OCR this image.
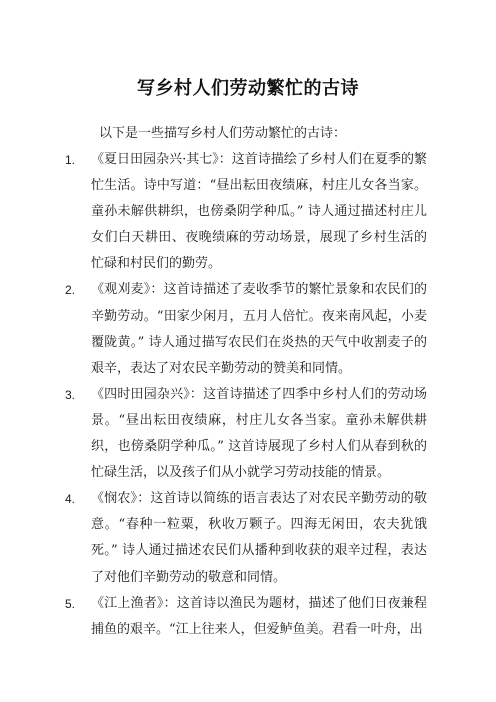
写乡村人们劳动繁忙的古诗
以下是一些描写乡村人们劳动繁忙的古诗：
1. 《夏日田园杂兴·其七》：这首诗描绘了乡村人们在夏季的繁忙生活。诗中写道：“昼出耘田夜绩麻，村庄儿女各当家。童孙未解供耕织，也傍桑阴学种瓜。” 诗人通过描述村庄儿女们白天耕田、夜晚绩麻的劳动场景，展现了乡村生活的忙碌和村民们的勤劳。
2. 《观刈麦》：这首诗描述了麦收季节的繁忙景象和农民们的辛勤劳动。“田家少闲月，五月人倍忙。夜来南风起，小麦覆陇黄。” 诗人通过描写农民们在炎热的天气中收割麦子的艰辛，表达了对农民辛勤劳动的赞美和同情。
3. 《四时田园杂兴》：这首诗描述了四季中乡村人们的劳动场景。“昼出耘田夜绩麻，村庄儿女各当家。童孙未解供耕织，也傍桑阴学种瓜。” 这首诗展现了乡村人们从春到秋的忙碌生活，以及孩子们从小就学习劳动技能的情景。
4. 《悯农》：这首诗以简练的语言表达了对农民辛勤劳动的敬意。“春种一粒粟，秋收万颗子。四海无闲田，农夫犹饿死。” 诗人通过描述农民们从播种到收获的艰辛过程，表达了对他们辛勤劳动的敬意和同情。
5. 《江上渔者》：这首诗以渔民为题材，描述了他们日夜兼程捕鱼的艰辛。“江上往来人，但爱鲈鱼美。君看一叶舟，出
